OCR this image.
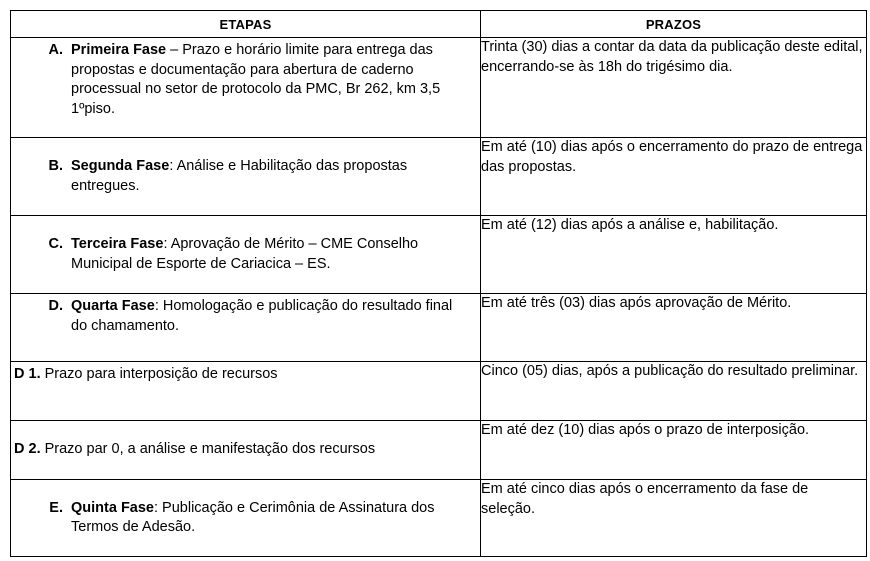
ETAPAS	PRAZOS

A. Primeira Fase – Prazo e horário limite para entrega das propostas e documentação para abertura de caderno processual no setor de protocolo da PMC, Br 262, km 3,5 1ºpiso.	Trinta (30) dias a contar da data da publicação deste edital, encerrando-se às 18h do trigésimo dia.

B. Segunda Fase: Análise e Habilitação das propostas entregues.	Em até (10) dias após o encerramento do prazo de entrega das propostas.

C. Terceira Fase: Aprovação de Mérito – CME Conselho Municipal de Esporte de Cariacica – ES.	Em até (12) dias após a análise e, habilitação.

D. Quarta Fase: Homologação e publicação do resultado final do chamamento.	Em até três (03) dias após aprovação de Mérito.

D 1. Prazo para interposição de recursos	Cinco (05) dias, após a publicação do resultado preliminar.

D 2. Prazo par 0, a análise e manifestação dos recursos	Em até dez (10) dias após o prazo de interposição.

E. Quinta Fase: Publicação e Cerimônia de Assinatura dos Termos de Adesão.	Em até cinco dias após o encerramento da fase de seleção.
